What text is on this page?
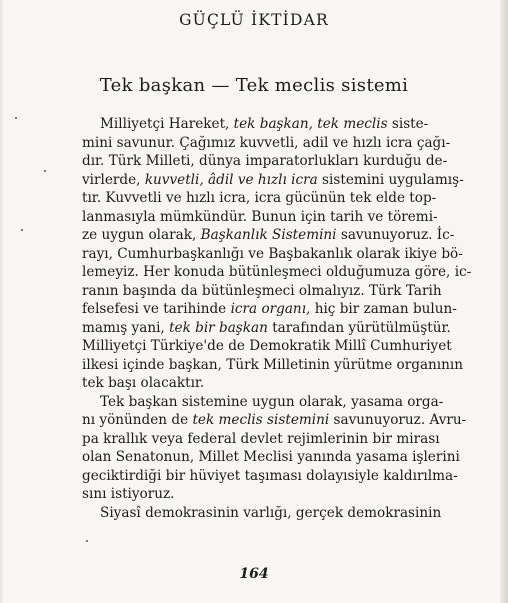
GÜÇLÜ İKTİDAR
Tek başkan — Tek meclis sistemi
Milliyetçi Hareket, tek başkan, tek meclis siste-
mini savunur. Çağımız kuvvetli, adil ve hızlı icra çağı-
dır. Türk Milleti, dünya imparatorlukları kurduğu de-
virlerde, kuvvetli, âdil ve hızlı icra sistemini uygulamış-
tır. Kuvvetli ve hızlı icra, icra gücünün tek elde top-
lanmasıyla mümkündür. Bunun için tarih ve töremi-
ze uygun olarak, Başkanlık Sistemini savunuyoruz. İc-
rayı, Cumhurbaşkanlığı ve Başbakanlık olarak ikiye bö-
lemeyiz. Her konuda bütünleşmeci olduğumuza göre, ic-
ranın başında da bütünleşmeci olmalıyız. Türk Tarih
felsefesi ve tarihinde icra organı, hiç bir zaman bulun-
mamış yani, tek bir başkan tarafından yürütülmüştür.
Milliyetçi Türkiye'de de Demokratik Millî Cumhuriyet
ilkesi içinde başkan, Türk Milletinin yürütme organının
tek başı olacaktır.
Tek başkan sistemine uygun olarak, yasama orga-
nı yönünden de tek meclis sistemini savunuyoruz. Avru-
pa krallık veya federal devlet rejimlerinin bir mirası
olan Senatonun, Millet Meclisi yanında yasama işlerini
geciktirdiği bir hüviyet taşıması dolayısiyle kaldırılma-
sını istiyoruz.
Siyasî demokrasinin varlığı, gerçek demokrasinin
164
